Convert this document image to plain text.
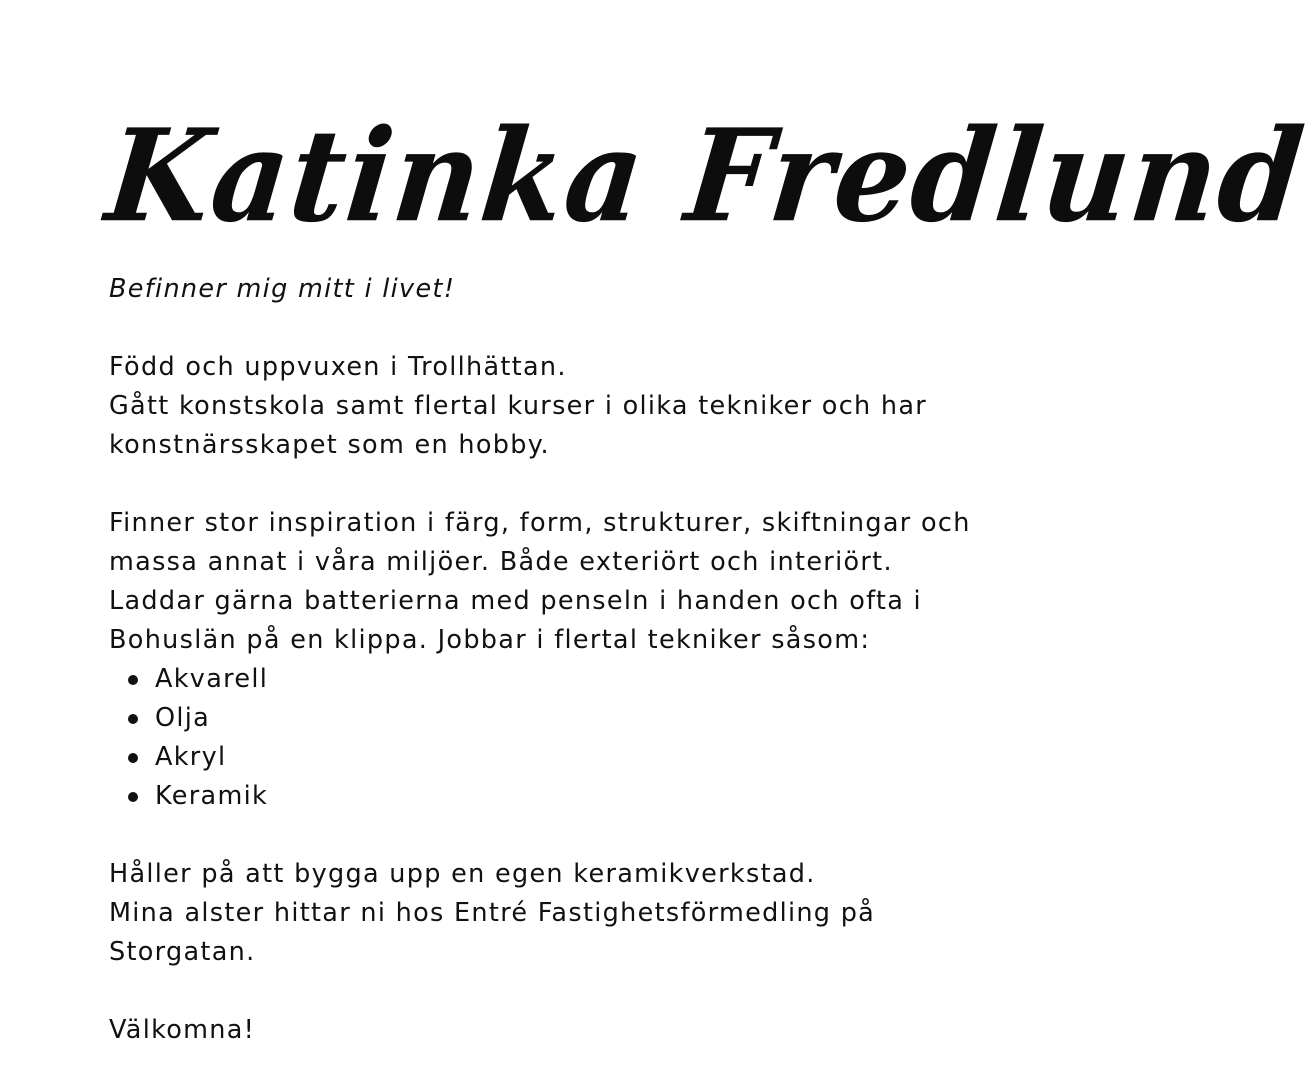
Katinka Fredlund

Befinner mig mitt i livet!

Född och uppvuxen i Trollhättan.

Gått konstskola samt flertal kurser i olika tekniker och har

konstnärsskapet som en hobby.

Finner stor inspiration i färg, form, strukturer, skiftningar och

massa annat i våra miljöer. Både exteriört och interiört.

Laddar gärna batterierna med penseln i handen och ofta i

Bohuslän på en klippa. Jobbar i flertal tekniker såsom:

Akvarell
Olja
Akryl
Keramik

Håller på att bygga upp en egen keramikverkstad.

Mina alster hittar ni hos Entré Fastighetsförmedling på

Storgatan.

Välkomna!
